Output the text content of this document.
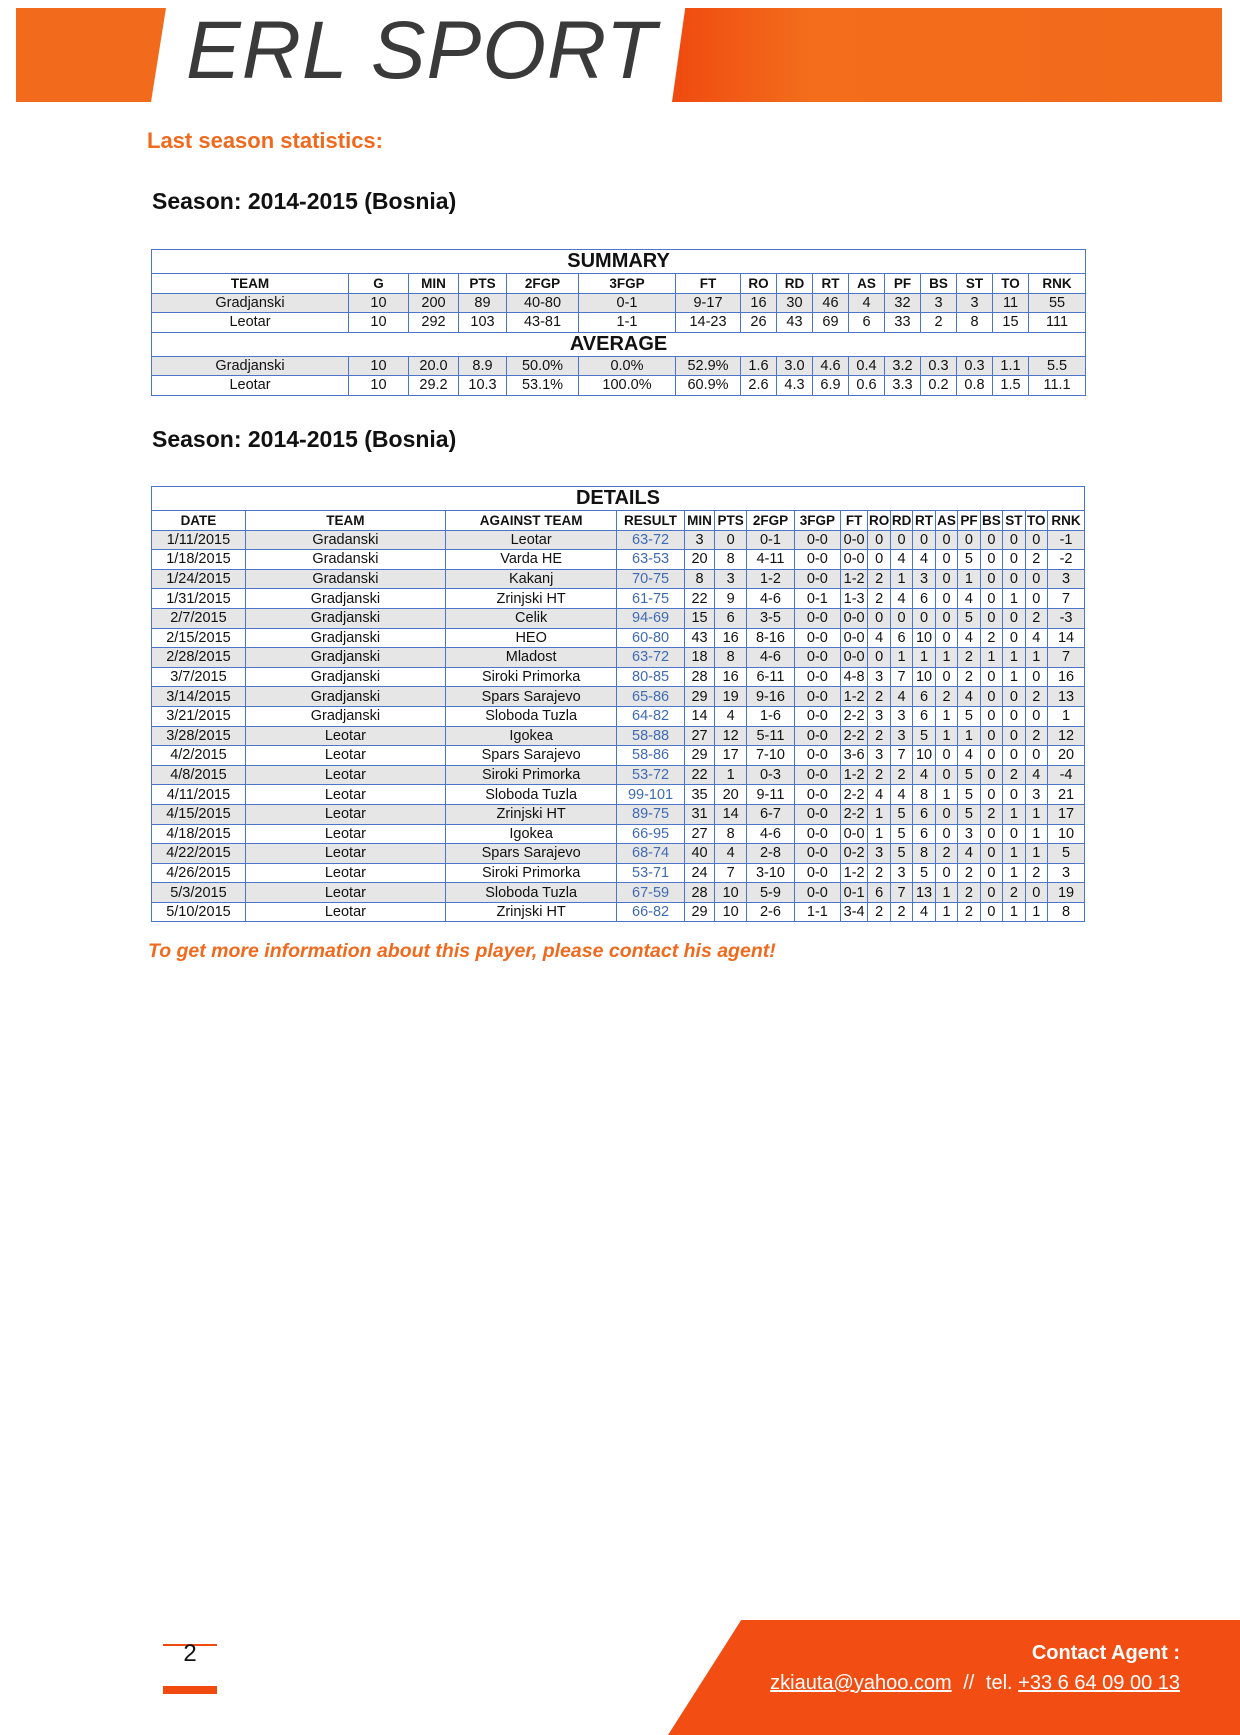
ERL SPORT
Last season statistics:
Season: 2014-2015 (Bosnia)
SUMMARY															
TEAM	G	MIN	PTS	2FGP	3FGP	FT	RO	RD	RT	AS	PF	BS	ST	TO	RNK
Gradjanski	10	200	89	40-80	0-1	9-17	16	30	46	4	32	3	3	11	55
Leotar	10	292	103	43-81	1-1	14-23	26	43	69	6	33	2	8	15	111
AVERAGE															
Gradjanski	10	20.0	8.9	50.0%	0.0%	52.9%	1.6	3.0	4.6	0.4	3.2	0.3	0.3	1.1	5.5
Leotar	10	29.2	10.3	53.1%	100.0%	60.9%	2.6	4.3	6.9	0.6	3.3	0.2	0.8	1.5	11.1
Season: 2014-2015 (Bosnia)
DETAILS																	
DATE	TEAM	AGAINST TEAM	RESULT	MIN	PTS	2FGP	3FGP	FT	RO	RD	RT	AS	PF	BS	ST	TO	RNK
1/11/2015	Gradanski	Leotar	63-72	3	0	0-1	0-0	0-0	0	0	0	0	0	0	0	0	-1
1/18/2015	Gradanski	Varda HE	63-53	20	8	4-11	0-0	0-0	0	4	4	0	5	0	0	2	-2
1/24/2015	Gradanski	Kakanj	70-75	8	3	1-2	0-0	1-2	2	1	3	0	1	0	0	0	3
1/31/2015	Gradjanski	Zrinjski HT	61-75	22	9	4-6	0-1	1-3	2	4	6	0	4	0	1	0	7
2/7/2015	Gradjanski	Celik	94-69	15	6	3-5	0-0	0-0	0	0	0	0	5	0	0	2	-3
2/15/2015	Gradjanski	HEO	60-80	43	16	8-16	0-0	0-0	4	6	10	0	4	2	0	4	14
2/28/2015	Gradjanski	Mladost	63-72	18	8	4-6	0-0	0-0	0	1	1	1	2	1	1	1	7
3/7/2015	Gradjanski	Siroki Primorka	80-85	28	16	6-11	0-0	4-8	3	7	10	0	2	0	1	0	16
3/14/2015	Gradjanski	Spars Sarajevo	65-86	29	19	9-16	0-0	1-2	2	4	6	2	4	0	0	2	13
3/21/2015	Gradjanski	Sloboda Tuzla	64-82	14	4	1-6	0-0	2-2	3	3	6	1	5	0	0	0	1
3/28/2015	Leotar	Igokea	58-88	27	12	5-11	0-0	2-2	2	3	5	1	1	0	0	2	12
4/2/2015	Leotar	Spars Sarajevo	58-86	29	17	7-10	0-0	3-6	3	7	10	0	4	0	0	0	20
4/8/2015	Leotar	Siroki Primorka	53-72	22	1	0-3	0-0	1-2	2	2	4	0	5	0	2	4	-4
4/11/2015	Leotar	Sloboda Tuzla	99-101	35	20	9-11	0-0	2-2	4	4	8	1	5	0	0	3	21
4/15/2015	Leotar	Zrinjski HT	89-75	31	14	6-7	0-0	2-2	1	5	6	0	5	2	1	1	17
4/18/2015	Leotar	Igokea	66-95	27	8	4-6	0-0	0-0	1	5	6	0	3	0	0	1	10
4/22/2015	Leotar	Spars Sarajevo	68-74	40	4	2-8	0-0	0-2	3	5	8	2	4	0	1	1	5
4/26/2015	Leotar	Siroki Primorka	53-71	24	7	3-10	0-0	1-2	2	3	5	0	2	0	1	2	3
5/3/2015	Leotar	Sloboda Tuzla	67-59	28	10	5-9	0-0	0-1	6	7	13	1	2	0	2	0	19
5/10/2015	Leotar	Zrinjski HT	66-82	29	10	2-6	1-1	3-4	2	2	4	1	2	0	1	1	8
To get more information about this player, please contact his agent!
2	Contact Agent :
zkiauta@yahoo.com // tel. +33 6 64 09 00 13
